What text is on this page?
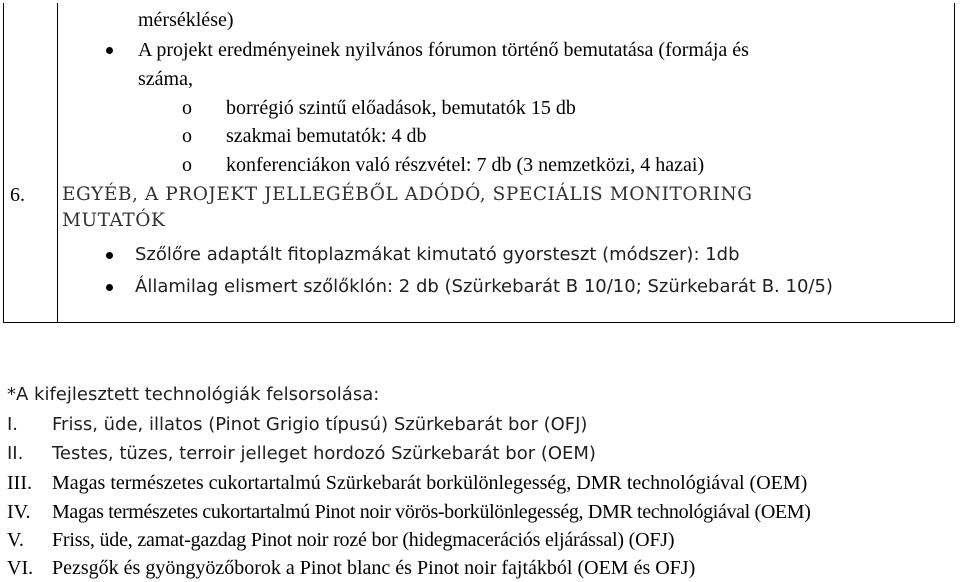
mérséklése)
A projekt eredményeinek nyilvános fórumon történő bemutatása (formája és
száma,
o borrégió szintű előadások, bemutatók 15 db
o szakmai bemutatók: 4 db
o konferenciákon való részvétel: 7 db (3 nemzetközi, 4 hazai)
6. EGYÉB, A PROJEKT JELLEGÉBŐL ADÓDÓ, SPECIÁLIS MONITORING
MUTATÓK
Szőlőre adaptált fitoplazmákat kimutató gyorsteszt (módszer): 1db
Államilag elismert szőlőklón: 2 db (Szürkebarát B 10/10; Szürkebarát B. 10/5)
*A kifejlesztett technológiák felsorsolása:
I. Friss, üde, illatos (Pinot Grigio típusú) Szürkebarát bor (OFJ)
II. Testes, tüzes, terroir jelleget hordozó Szürkebarát bor (OEM)
III. Magas természetes cukortartalmú Szürkebarát borkülönlegesség, DMR technológiával (OEM)
IV. Magas természetes cukortartalmú Pinot noir vörös-borkülönlegesség, DMR technológiával (OEM)
V. Friss, üde, zamat-gazdag Pinot noir rozé bor (hidegmacerációs eljárással) (OFJ)
VI. Pezsgők és gyöngyözőborok a Pinot blanc és Pinot noir fajtákból (OEM és OFJ)
